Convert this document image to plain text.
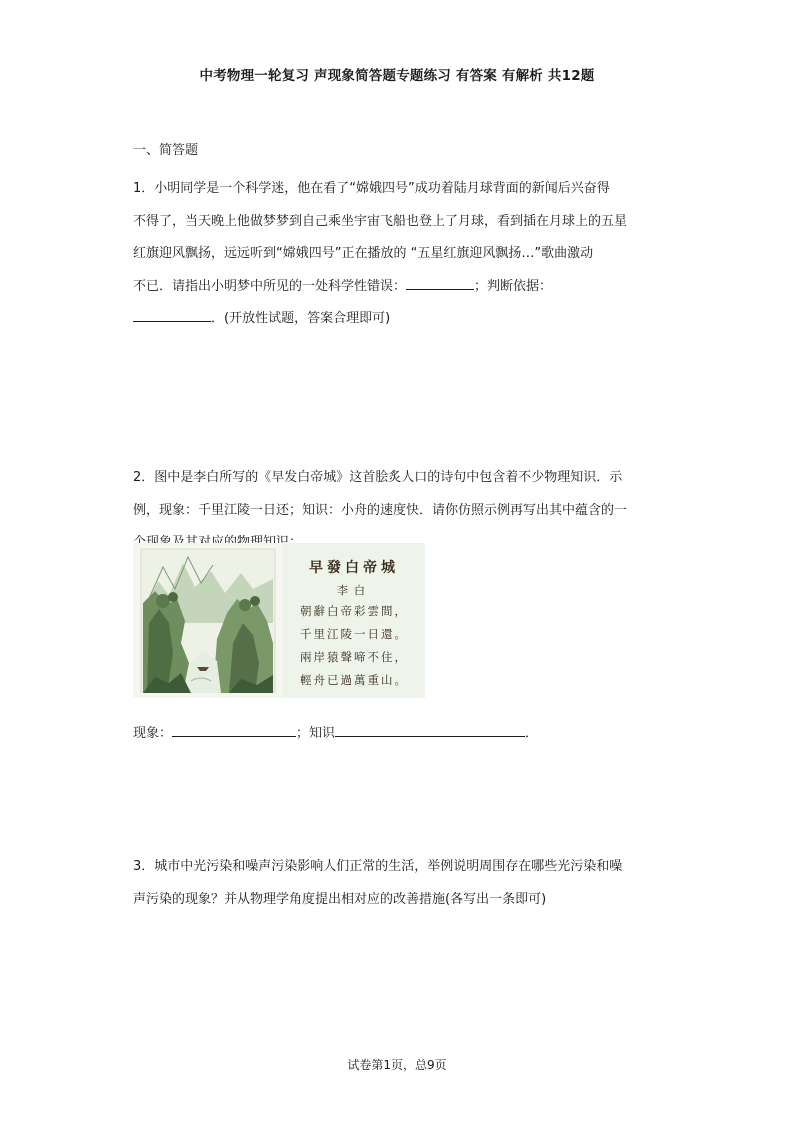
中考物理一轮复习 声现象简答题专题练习 有答案 有解析 共12题
一、简答题
1．小明同学是一个科学迷，他在看了“嫦娥四号”成功着陆月球背面的新闻后兴奋得
不得了，当天晚上他做梦梦到自己乘坐宇宙飞船也登上了月球，看到插在月球上的五星
红旗迎风飘扬，远远听到“嫦娥四号”正在播放的 “五星红旗迎风飘扬…”歌曲激动
不已．请指出小明梦中所见的一处科学性错误：	；判断依据：
．(开放性试题，答案合理即可)
2．图中是李白所写的《早发白帝城》这首脍炙人口的诗句中包含着不少物理知识．示
例，现象：千里江陵一日还；知识：小舟的速度快．请你仿照示例再写出其中蕴含的一
早發白帝城
李白
朝辭白帝彩雲間，
千里江陵一日還。
兩岸猿聲啼不住，
輕舟已過萬重山。
现象：	；知识	．
3．城市中光污染和噪声污染影响人们正常的生活，举例说明周围存在哪些光污染和噪
声污染的现象？并从物理学角度提出相对应的改善措施(各写出一条即可)
试卷第1页，总9页
